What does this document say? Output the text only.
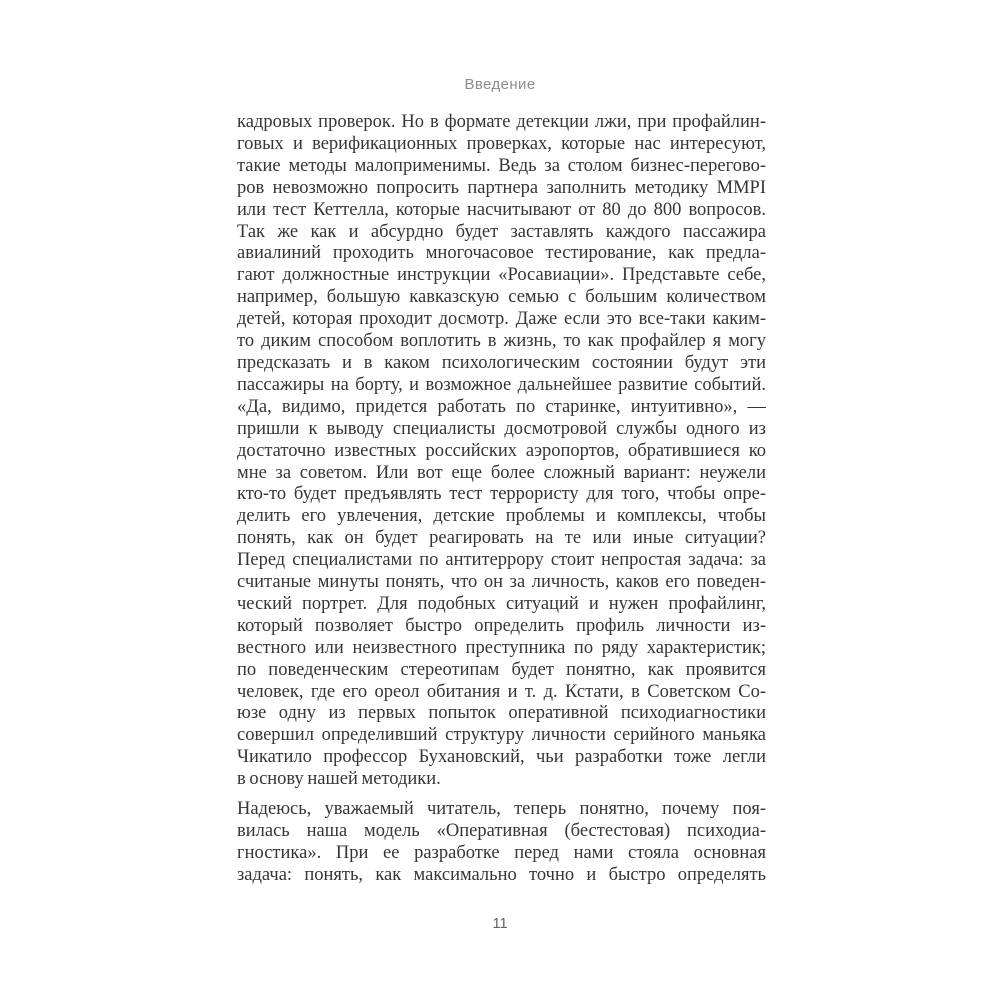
Введение

кадровых проверок. Но в формате детекции лжи, при профайлин-
говых и верификационных проверках, которые нас интересуют,
такие методы малоприменимы. Ведь за столом бизнес-перегово-
ров невозможно попросить партнера заполнить методику MMPI
или тест Кеттелла, которые насчитывают от 80 до 800 вопросов.
Так же как и абсурдно будет заставлять каждого пассажира
авиалиний проходить многочасовое тестирование, как предла-
гают должностные инструкции «Росавиации». Представьте себе,
например, большую кавказскую семью с большим количеством
детей, которая проходит досмотр. Даже если это все-таки каким-
то диким способом воплотить в жизнь, то как профайлер я могу
предсказать и в каком психологическим состоянии будут эти
пассажиры на борту, и возможное дальнейшее развитие событий.
«Да, видимо, придется работать по старинке, интуитивно», —
пришли к выводу специалисты досмотровой службы одного из
достаточно известных российских аэропортов, обратившиеся ко
мне за советом. Или вот еще более сложный вариант: неужели
кто-то будет предъявлять тест террористу для того, чтобы опре-
делить его увлечения, детские проблемы и комплексы, чтобы
понять, как он будет реагировать на те или иные ситуации?
Перед специалистами по антитеррору стоит непростая задача: за
считаные минуты понять, что он за личность, каков его поведен-
ческий портрет. Для подобных ситуаций и нужен профайлинг,
который позволяет быстро определить профиль личности из-
вестного или неизвестного преступника по ряду характеристик;
по поведенческим стереотипам будет понятно, как проявится
человек, где его ореол обитания и т. д. Кстати, в Советском Со-
юзе одну из первых попыток оперативной психодиагностики
совершил определивший структуру личности серийного маньяка
Чикатило профессор Бухановский, чьи разработки тоже легли
в основу нашей методики.

Надеюсь, уважаемый читатель, теперь понятно, почему поя-
вилась наша модель «Оперативная (бестестовая) психодиа-
гностика». При ее разработке перед нами стояла основная
задача: понять, как максимально точно и быстро определять

11
